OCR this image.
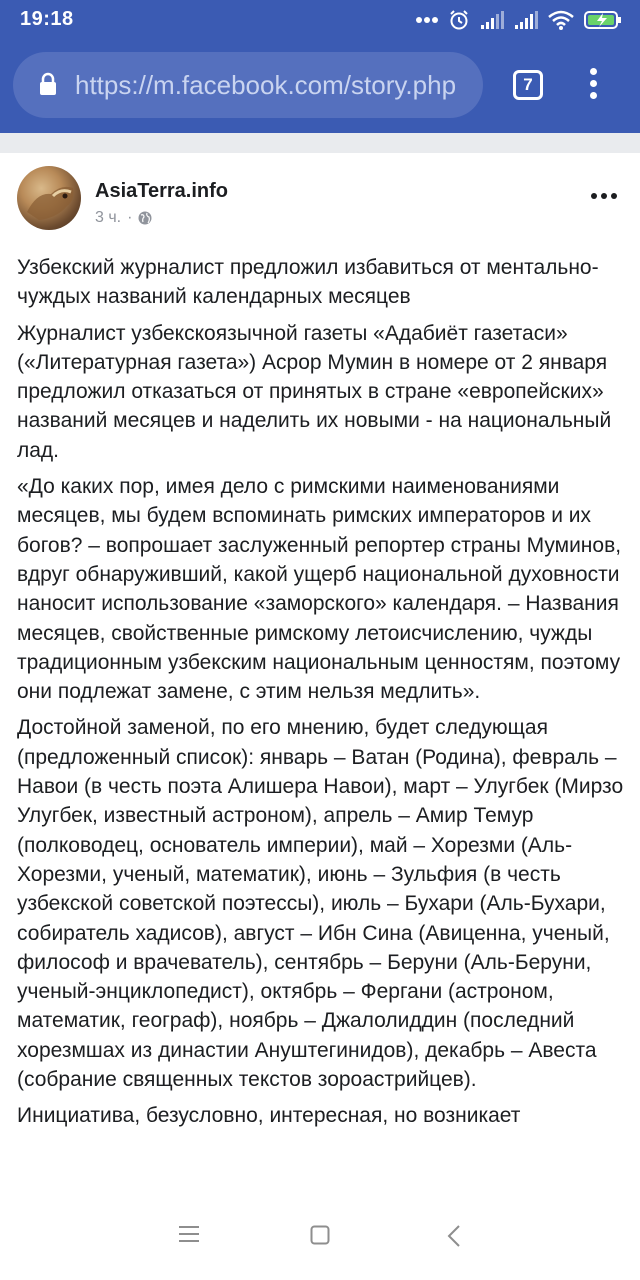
19:18
https://m.facebook.com/story.php	7
AsiaTerra.info
3 ч. ·

Узбекский журналист предложил избавиться от ментально-чуждых названий календарных месяцев

Журналист узбекскоязычной газеты «Адабиёт газетаси» («Литературная газета») Асрор Мумин в номере от 2 января предложил отказаться от принятых в стране «европейских» названий месяцев и наделить их новыми - на национальный лад.

«До каких пор, имея дело с римскими наименованиями месяцев, мы будем вспоминать римских императоров и их богов? – вопрошает заслуженный репортер страны Муминов, вдруг обнаруживший, какой ущерб национальной духовности наносит использование «заморского» календаря. – Названия месяцев, свойственные римскому летоисчислению, чужды традиционным узбекским национальным ценностям, поэтому они подлежат замене, с этим нельзя медлить».

Достойной заменой, по его мнению, будет следующая (предложенный список): январь – Ватан (Родина), февраль – Навои (в честь поэта Алишера Навои), март – Улугбек (Мирзо Улугбек, известный астроном), апрель – Амир Темур (полководец, основатель империи), май – Хорезми (Аль-Хорезми, ученый, математик), июнь – Зульфия (в честь узбекской советской поэтессы), июль – Бухари (Аль-Бухари, собиратель хадисов), август – Ибн Сина (Авиценна, ученый, философ и врачеватель), сентябрь – Беруни (Аль-Беруни, ученый-энциклопедист), октябрь – Фергани (астроном, математик, географ), ноябрь – Джалолиддин (последний хорезмшах из династии Ануштегинидов), декабрь – Авеста (собрание священных текстов зороастрийцев).

Инициатива, безусловно, интересная, но возникает
